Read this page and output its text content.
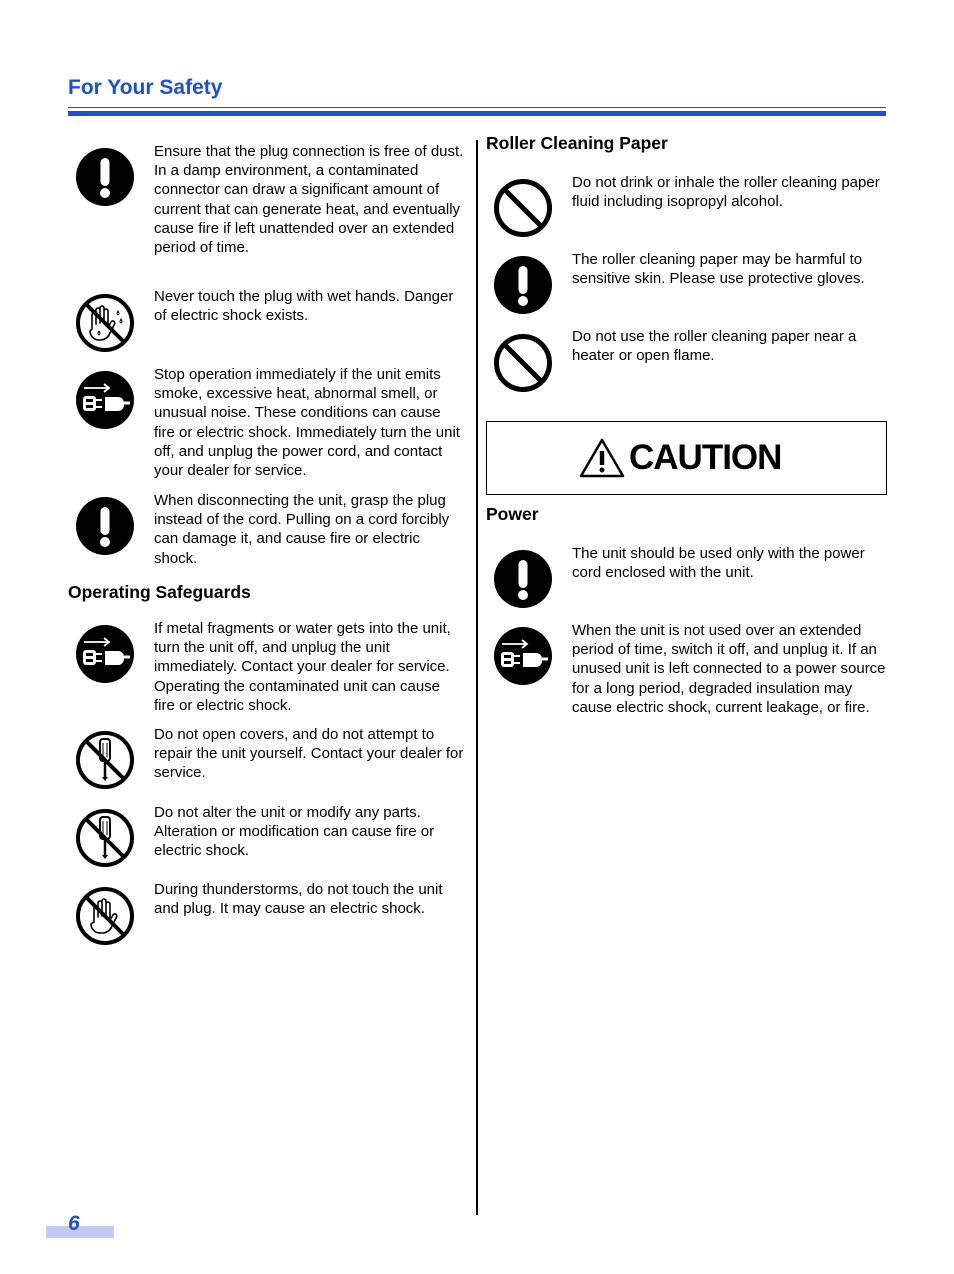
For Your Safety
Ensure that the plug connection is free of dust. In a damp environment, a contaminated connector can draw a significant amount of current that can generate heat, and eventually cause fire if left unattended over an extended period of time.
Never touch the plug with wet hands. Danger of electric shock exists.
Stop operation immediately if the unit emits smoke, excessive heat, abnormal smell, or unusual noise. These conditions can cause fire or electric shock. Immediately turn the unit off, and unplug the power cord, and contact your dealer for service.
When disconnecting the unit, grasp the plug instead of the cord. Pulling on a cord forcibly can damage it, and cause fire or electric shock.
Operating Safeguards
If metal fragments or water gets into the unit, turn the unit off, and unplug the unit immediately. Contact your dealer for service. Operating the contaminated unit can cause fire or electric shock.
Do not open covers, and do not attempt to repair the unit yourself. Contact your dealer for service.
Do not alter the unit or modify any parts. Alteration or modification can cause fire or electric shock.
During thunderstorms, do not touch the unit and plug. It may cause an electric shock.
Roller Cleaning Paper
Do not drink or inhale the roller cleaning paper fluid including isopropyl alcohol.
The roller cleaning paper may be harmful to sensitive skin. Please use protective gloves.
Do not use the roller cleaning paper near a heater or open flame.
CAUTION
Power
The unit should be used only with the power cord enclosed with the unit.
When the unit is not used over an extended period of time, switch it off, and unplug it. If an unused unit is left connected to a power source for a long period, degraded insulation may cause electric shock, current leakage, or fire.
6
